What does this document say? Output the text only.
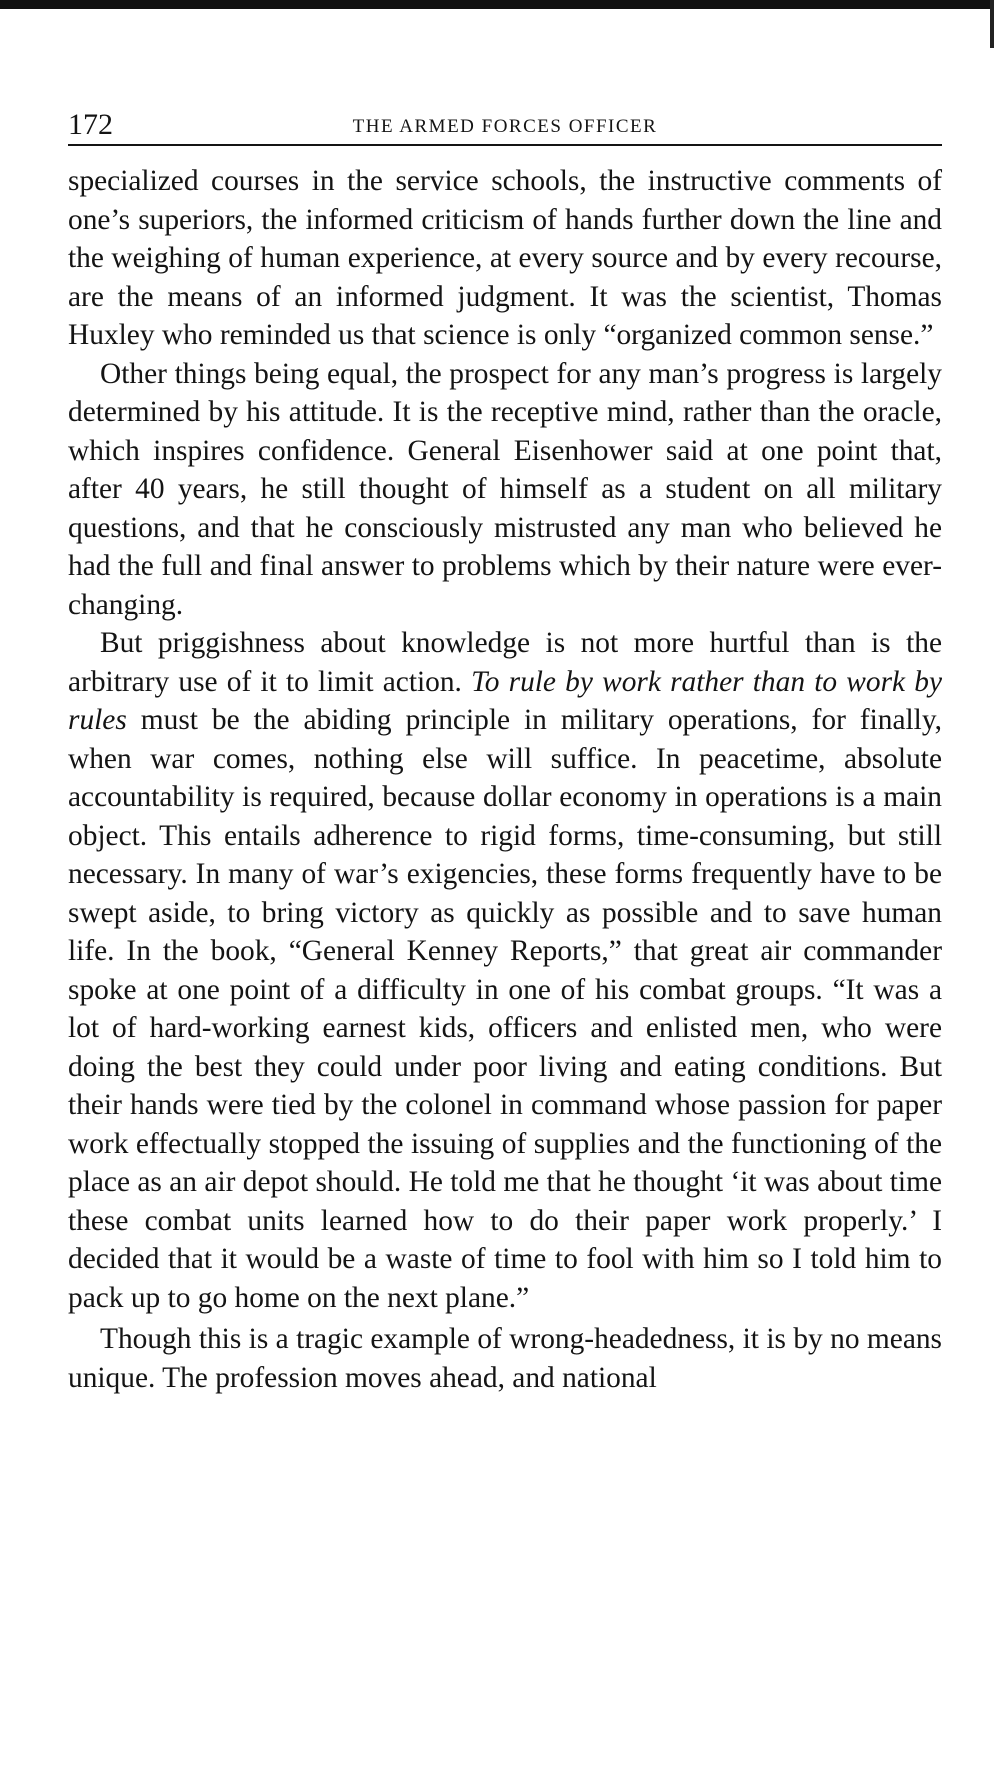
172	THE ARMED FORCES OFFICER

specialized courses in the service schools, the instructive comments of one’s superiors, the informed criticism of hands further down the line and the weighing of human experience, at every source and by every recourse, are the means of an informed judgment. It was the scientist, Thomas Huxley who reminded us that science is only “organized common sense.”

Other things being equal, the prospect for any man’s progress is largely determined by his attitude. It is the receptive mind, rather than the oracle, which inspires confidence. General Eisenhower said at one point that, after 40 years, he still thought of himself as a student on all military questions, and that he consciously mistrusted any man who believed he had the full and final answer to problems which by their nature were ever-changing.

But priggishness about knowledge is not more hurtful than is the arbitrary use of it to limit action. To rule by work rather than to work by rules must be the abiding principle in military operations, for finally, when war comes, nothing else will suffice. In peacetime, absolute accountability is required, because dollar economy in operations is a main object. This entails adherence to rigid forms, time-consuming, but still necessary. In many of war’s exigencies, these forms frequently have to be swept aside, to bring victory as quickly as possible and to save human life. In the book, “General Kenney Reports,” that great air commander spoke at one point of a difficulty in one of his combat groups. “It was a lot of hard-working earnest kids, officers and enlisted men, who were doing the best they could under poor living and eating conditions. But their hands were tied by the colonel in command whose passion for paper work effectually stopped the issuing of supplies and the functioning of the place as an air depot should. He told me that he thought ‘it was about time these combat units learned how to do their paper work properly.’ I decided that it would be a waste of time to fool with him so I told him to pack up to go home on the next plane.”

Though this is a tragic example of wrong-headedness, it is by no means unique. The profession moves ahead, and national
